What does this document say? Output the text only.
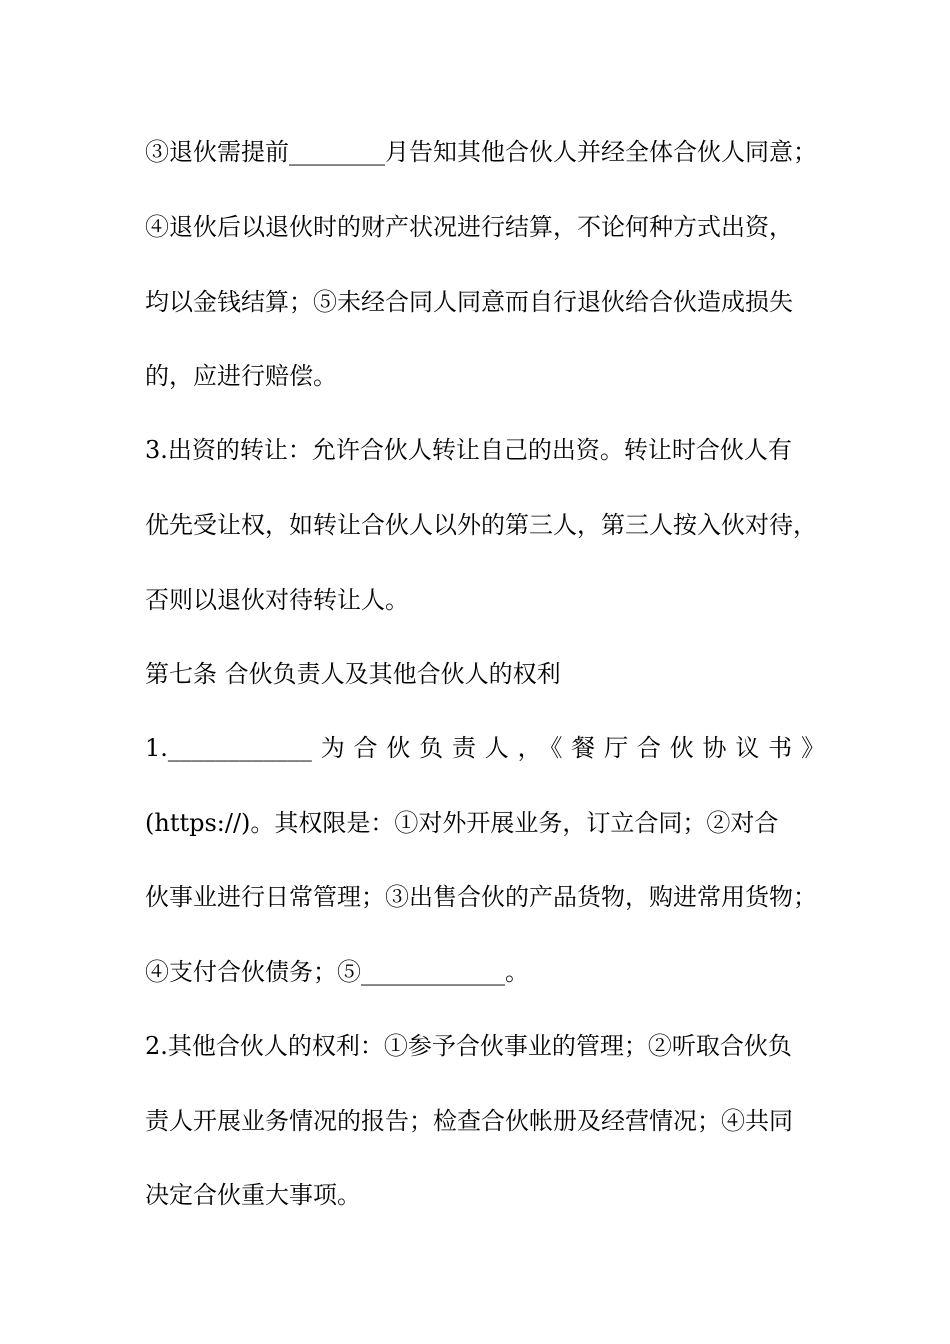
③退伙需提前________月告知其他合伙人并经全体合伙人同意；
④退伙后以退伙时的财产状况进行结算，不论何种方式出资，
均以金钱结算；⑤未经合同人同意而自行退伙给合伙造成损失
的，应进行赔偿。
3.出资的转让：允许合伙人转让自己的出资。转让时合伙人有
优先受让权，如转让合伙人以外的第三人，第三人按入伙对待，
否则以退伙对待转让人。
第七条 合伙负责人及其他合伙人的权利
1.____________为合伙负责人，《餐厅合伙协议书》
(https://)。其权限是：①对外开展业务，订立合同；②对合
伙事业进行日常管理；③出售合伙的产品货物，购进常用货物；
④支付合伙债务；⑤____________。
2.其他合伙人的权利：①参予合伙事业的管理；②听取合伙负
责人开展业务情况的报告；检查合伙帐册及经营情况；④共同
决定合伙重大事项。
